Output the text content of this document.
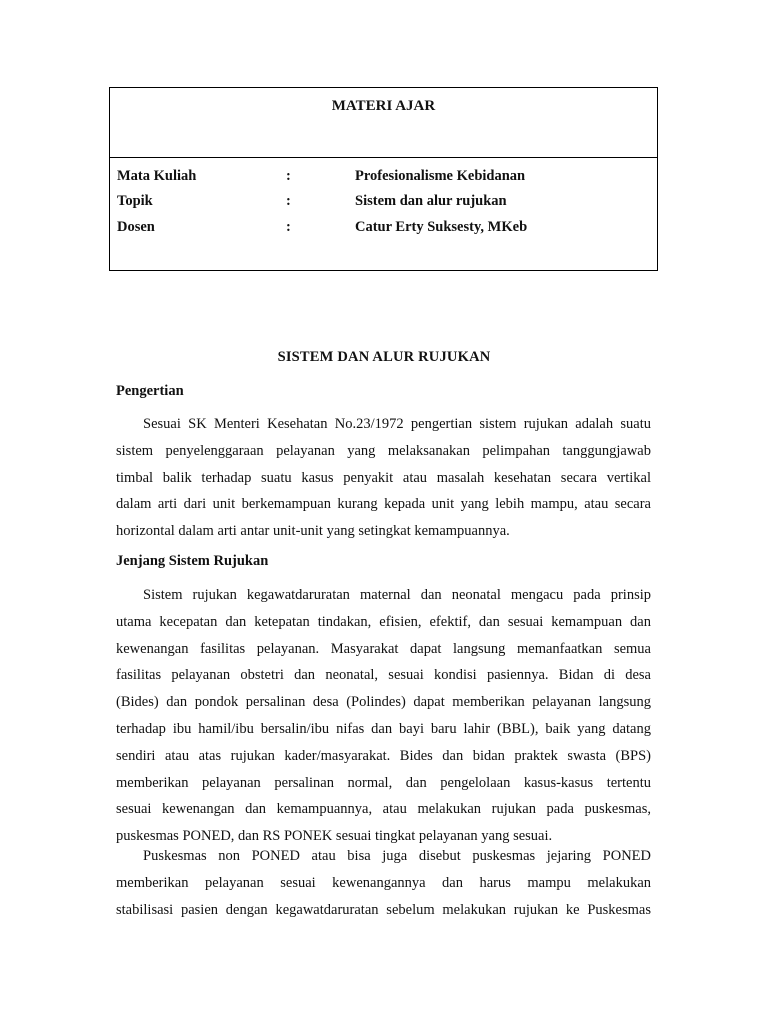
MATERI AJAR
Mata Kuliah	:	Profesionalisme Kebidanan
Topik	:	Sistem dan alur rujukan
Dosen	:	Catur Erty Suksesty, MKeb
SISTEM DAN ALUR RUJUKAN
Pengertian
Sesuai SK Menteri Kesehatan No.23/1972 pengertian sistem rujukan adalah suatu
sistem penyelenggaraan pelayanan yang melaksanakan pelimpahan tanggungjawab
timbal balik terhadap suatu kasus penyakit atau masalah kesehatan secara vertikal
dalam arti dari unit berkemampuan kurang kepada unit yang lebih mampu, atau secara
horizontal dalam arti antar unit-unit yang setingkat kemampuannya.
Jenjang Sistem Rujukan
Sistem rujukan kegawatdaruratan maternal dan neonatal mengacu pada prinsip
utama kecepatan dan ketepatan tindakan, efisien, efektif, dan sesuai kemampuan dan
kewenangan fasilitas pelayanan. Masyarakat dapat langsung memanfaatkan semua
fasilitas pelayanan obstetri dan neonatal, sesuai kondisi pasiennya. Bidan di desa
(Bides) dan pondok persalinan desa (Polindes) dapat memberikan pelayanan langsung
terhadap ibu hamil/ibu bersalin/ibu nifas dan bayi baru lahir (BBL), baik yang datang
sendiri atau atas rujukan kader/masyarakat. Bides dan bidan praktek swasta (BPS)
memberikan pelayanan persalinan normal, dan pengelolaan kasus-kasus tertentu
sesuai kewenangan dan kemampuannya, atau melakukan rujukan pada puskesmas,
puskesmas PONED, dan RS PONEK sesuai tingkat pelayanan yang sesuai.
Puskesmas non PONED atau bisa juga disebut puskesmas jejaring PONED
memberikan pelayanan sesuai kewenangannya dan harus mampu melakukan
stabilisasi pasien dengan kegawatdaruratan sebelum melakukan rujukan ke Puskesmas
